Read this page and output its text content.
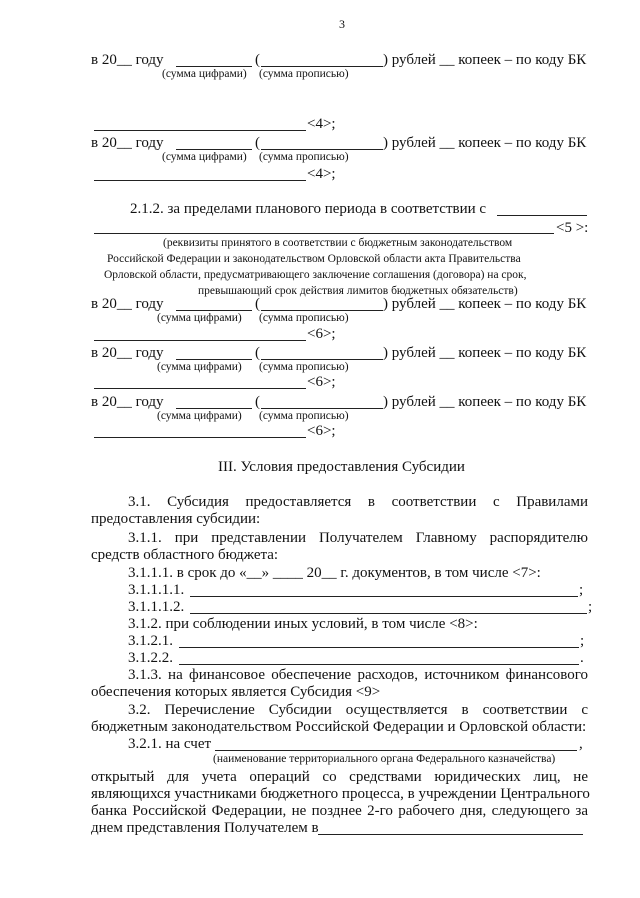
3
в 20__ году	(	) рублей __ копеек – по коду БК
(сумма цифрами) (сумма прописью)
<4>;
в 20__ году	(	) рублей __ копеек – по коду БК
(сумма цифрами) (сумма прописью)
<4>;
2.1.2. за пределами планового периода в соответствии с
<5 >:
(реквизиты принятого в соответствии с бюджетным законодательством
Российской Федерации и законодательством Орловской области акта Правительства
Орловской области, предусматривающего заключение соглашения (договора) на срок,
превышающий срок действия лимитов бюджетных обязательств)
в 20__ году	(	) рублей __ копеек – по коду БК
(сумма цифрами) (сумма прописью)
<6>;
в 20__ году	(	) рублей __ копеек – по коду БК
(сумма цифрами) (сумма прописью)
<6>;
в 20__ году	(	) рублей __ копеек – по коду БК
(сумма цифрами) (сумма прописью)
<6>;
III. Условия предоставления Субсидии
3.1. Субсидия предоставляется в соответствии с Правилами
предоставления субсидии:
3.1.1. при представлении Получателем Главному распорядителю
средств областного бюджета:
3.1.1.1. в срок до «__» ____ 20__ г. документов, в том числе <7>:
3.1.1.1.1.	;
3.1.1.1.2.	;
3.1.2. при соблюдении иных условий, в том числе <8>:
3.1.2.1.	;
3.1.2.2.	.
3.1.3. на финансовое обеспечение расходов, источником финансового
обеспечения которых является Субсидия <9>
3.2. Перечисление Субсидии осуществляется в соответствии с
бюджетным законодательством Российской Федерации и Орловской области:
3.2.1. на счет	,
(наименование территориального органа Федерального казначейства)
открытый для учета операций со средствами юридических лиц, не
являющихся участниками бюджетного процесса, в учреждении Центрального
банка Российской Федерации, не позднее 2-го рабочего дня, следующего за
днем представления Получателем в
